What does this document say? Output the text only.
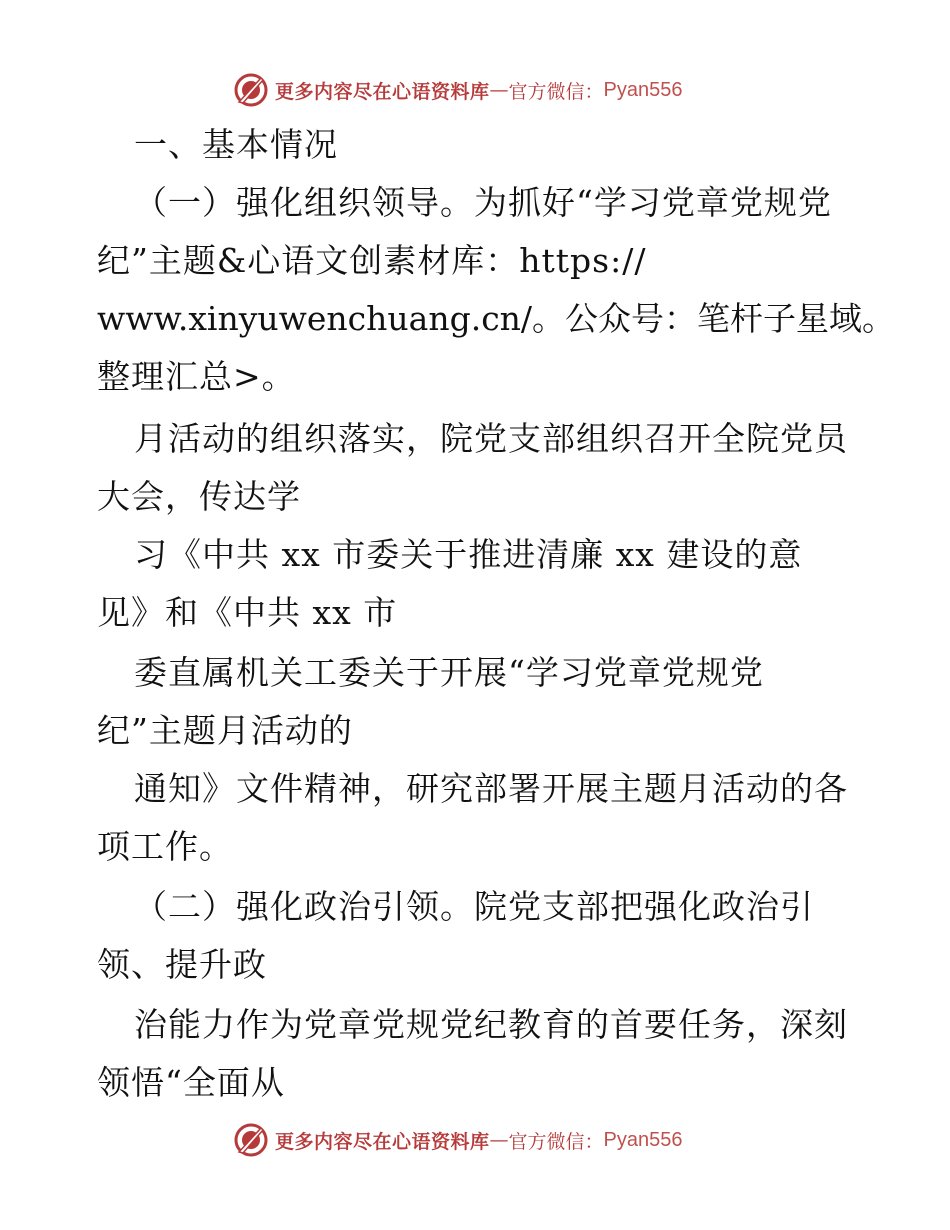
更多内容尽在心语资料库 — 官方微信： Pyan556
一、基本情况
（一）强化组织领导。为抓好“学习党章党规党
纪”主题&心语文创素材库：https://
www.xinyuwenchuang.cn/。公众号：笔杆子星域。
整理汇总>。
月活动的组织落实，院党支部组织召开全院党员
大会，传达学
习《中共 xx 市委关于推进清廉 xx 建设的意
见》和《中共 xx 市
委直属机关工委关于开展“学习党章党规党
纪”主题月活动的
通知》文件精神，研究部署开展主题月活动的各
项工作。
（二）强化政治引领。院党支部把强化政治引
领、提升政
治能力作为党章党规党纪教育的首要任务，深刻
领悟“全面从
更多内容尽在心语资料库 — 官方微信： Pyan556
